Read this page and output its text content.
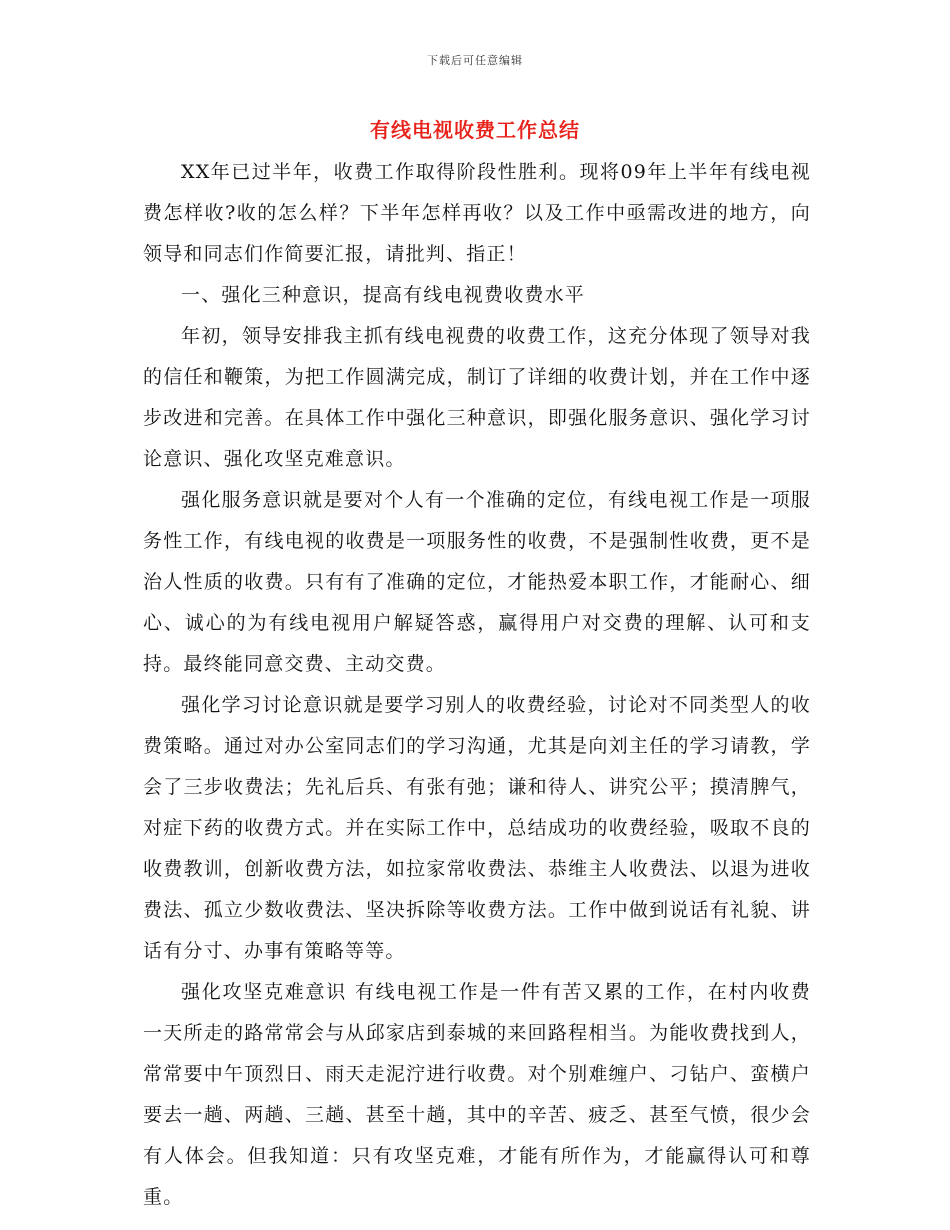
下载后可任意编辑
有线电视收费工作总结

XX年已过半年，收费工作取得阶段性胜利。现将09年上半年有线电视费怎样收?收的怎么样？下半年怎样再收？以及工作中亟需改进的地方，向领导和同志们作简要汇报，请批判、指正！

一、强化三种意识，提高有线电视费收费水平

年初，领导安排我主抓有线电视费的收费工作，这充分体现了领导对我的信任和鞭策，为把工作圆满完成，制订了详细的收费计划，并在工作中逐步改进和完善。在具体工作中强化三种意识，即强化服务意识、强化学习讨论意识、强化攻坚克难意识。

强化服务意识就是要对个人有一个准确的定位，有线电视工作是一项服务性工作，有线电视的收费是一项服务性的收费，不是强制性收费，更不是治人性质的收费。只有有了准确的定位，才能热爱本职工作，才能耐心、细心、诚心的为有线电视用户解疑答惑，赢得用户对交费的理解、认可和支持。最终能同意交费、主动交费。

强化学习讨论意识就是要学习别人的收费经验，讨论对不同类型人的收费策略。通过对办公室同志们的学习沟通，尤其是向刘主任的学习请教，学会了三步收费法；先礼后兵、有张有弛；谦和待人、讲究公平；摸清脾气，对症下药的收费方式。并在实际工作中，总结成功的收费经验，吸取不良的收费教训，创新收费方法，如拉家常收费法、恭维主人收费法、以退为进收费法、孤立少数收费法、坚决拆除等收费方法。工作中做到说话有礼貌、讲话有分寸、办事有策略等等。

强化攻坚克难意识 有线电视工作是一件有苦又累的工作，在村内收费一天所走的路常常会与从邱家店到泰城的来回路程相当。为能收费找到人，常常要中午顶烈日、雨天走泥泞进行收费。对个别难缠户、刁钻户、蛮横户要去一趟、两趟、三趟、甚至十趟，其中的辛苦、疲乏、甚至气愤，很少会有人体会。但我知道：只有攻坚克难，才能有所作为，才能赢得认可和尊重。
